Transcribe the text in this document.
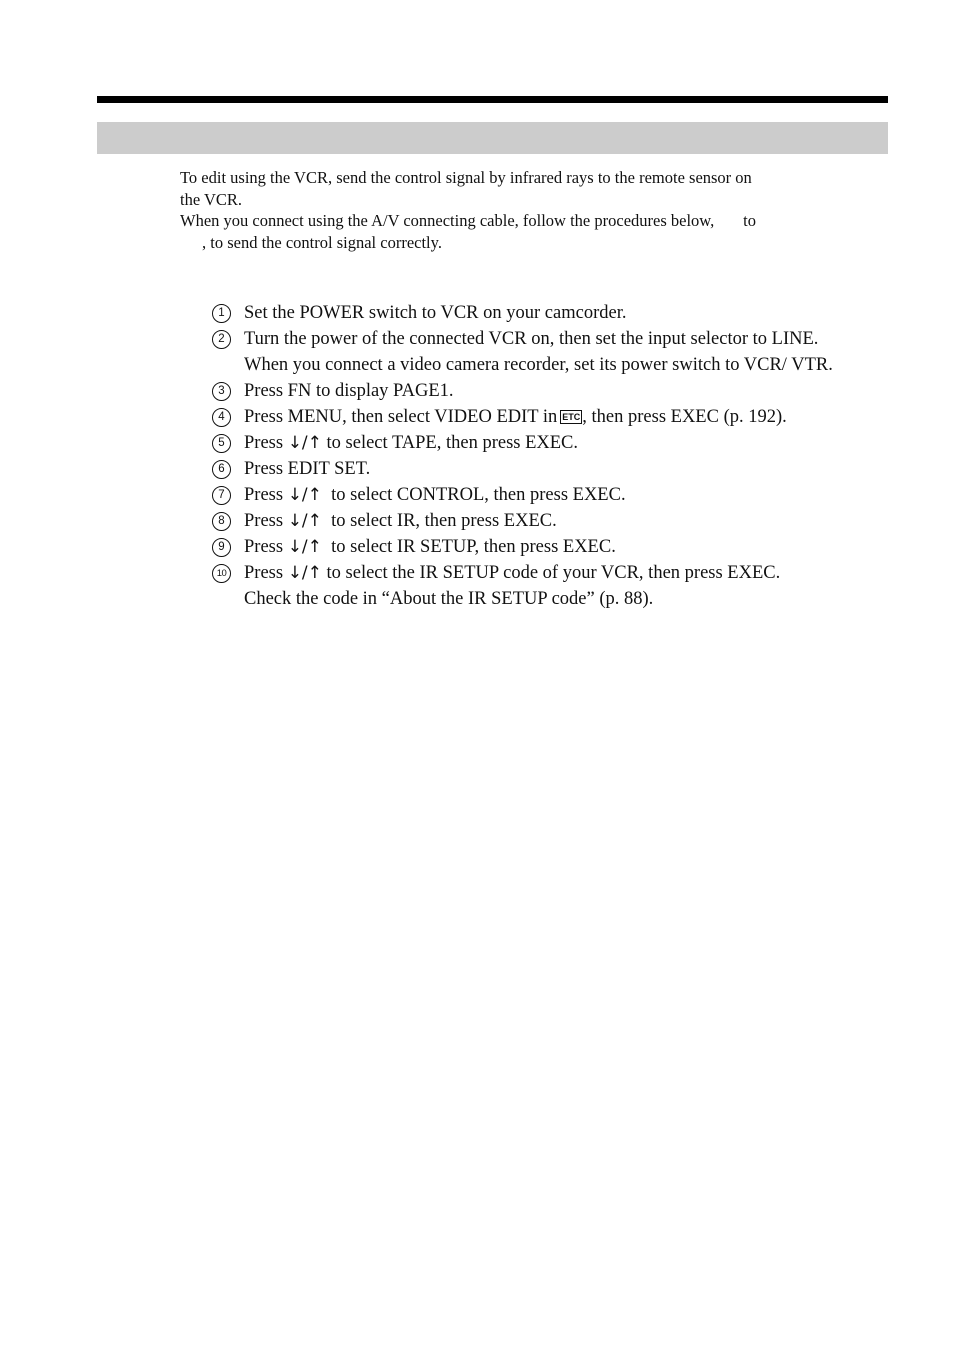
To edit using the VCR, send the control signal by infrared rays to the remote sensor on

the VCR.

When you connect using the A/V connecting cable, follow the procedures below,       to

, to send the control signal correctly.

1	Set the POWER switch to VCR on your camcorder.
2	Turn the power of the connected VCR on, then set the input selector to LINE.
When you connect a video camera recorder, set its power switch to VCR/ VTR.
3	Press FN to display PAGE1.
4	Press MENU, then select VIDEO EDIT in ETC , then press EXEC (p. 192).
5	Press ↓/↑ to select TAPE, then press EXEC.
6	Press EDIT SET.
7	Press ↓/↑  to select CONTROL, then press EXEC.
8	Press ↓/↑  to select IR, then press EXEC.
9	Press ↓/↑  to select IR SETUP, then press EXEC.
10 Press ↓/↑ to select the IR SETUP code of your VCR, then press EXEC.
Check the code in “About the IR SETUP code” (p. 88).
